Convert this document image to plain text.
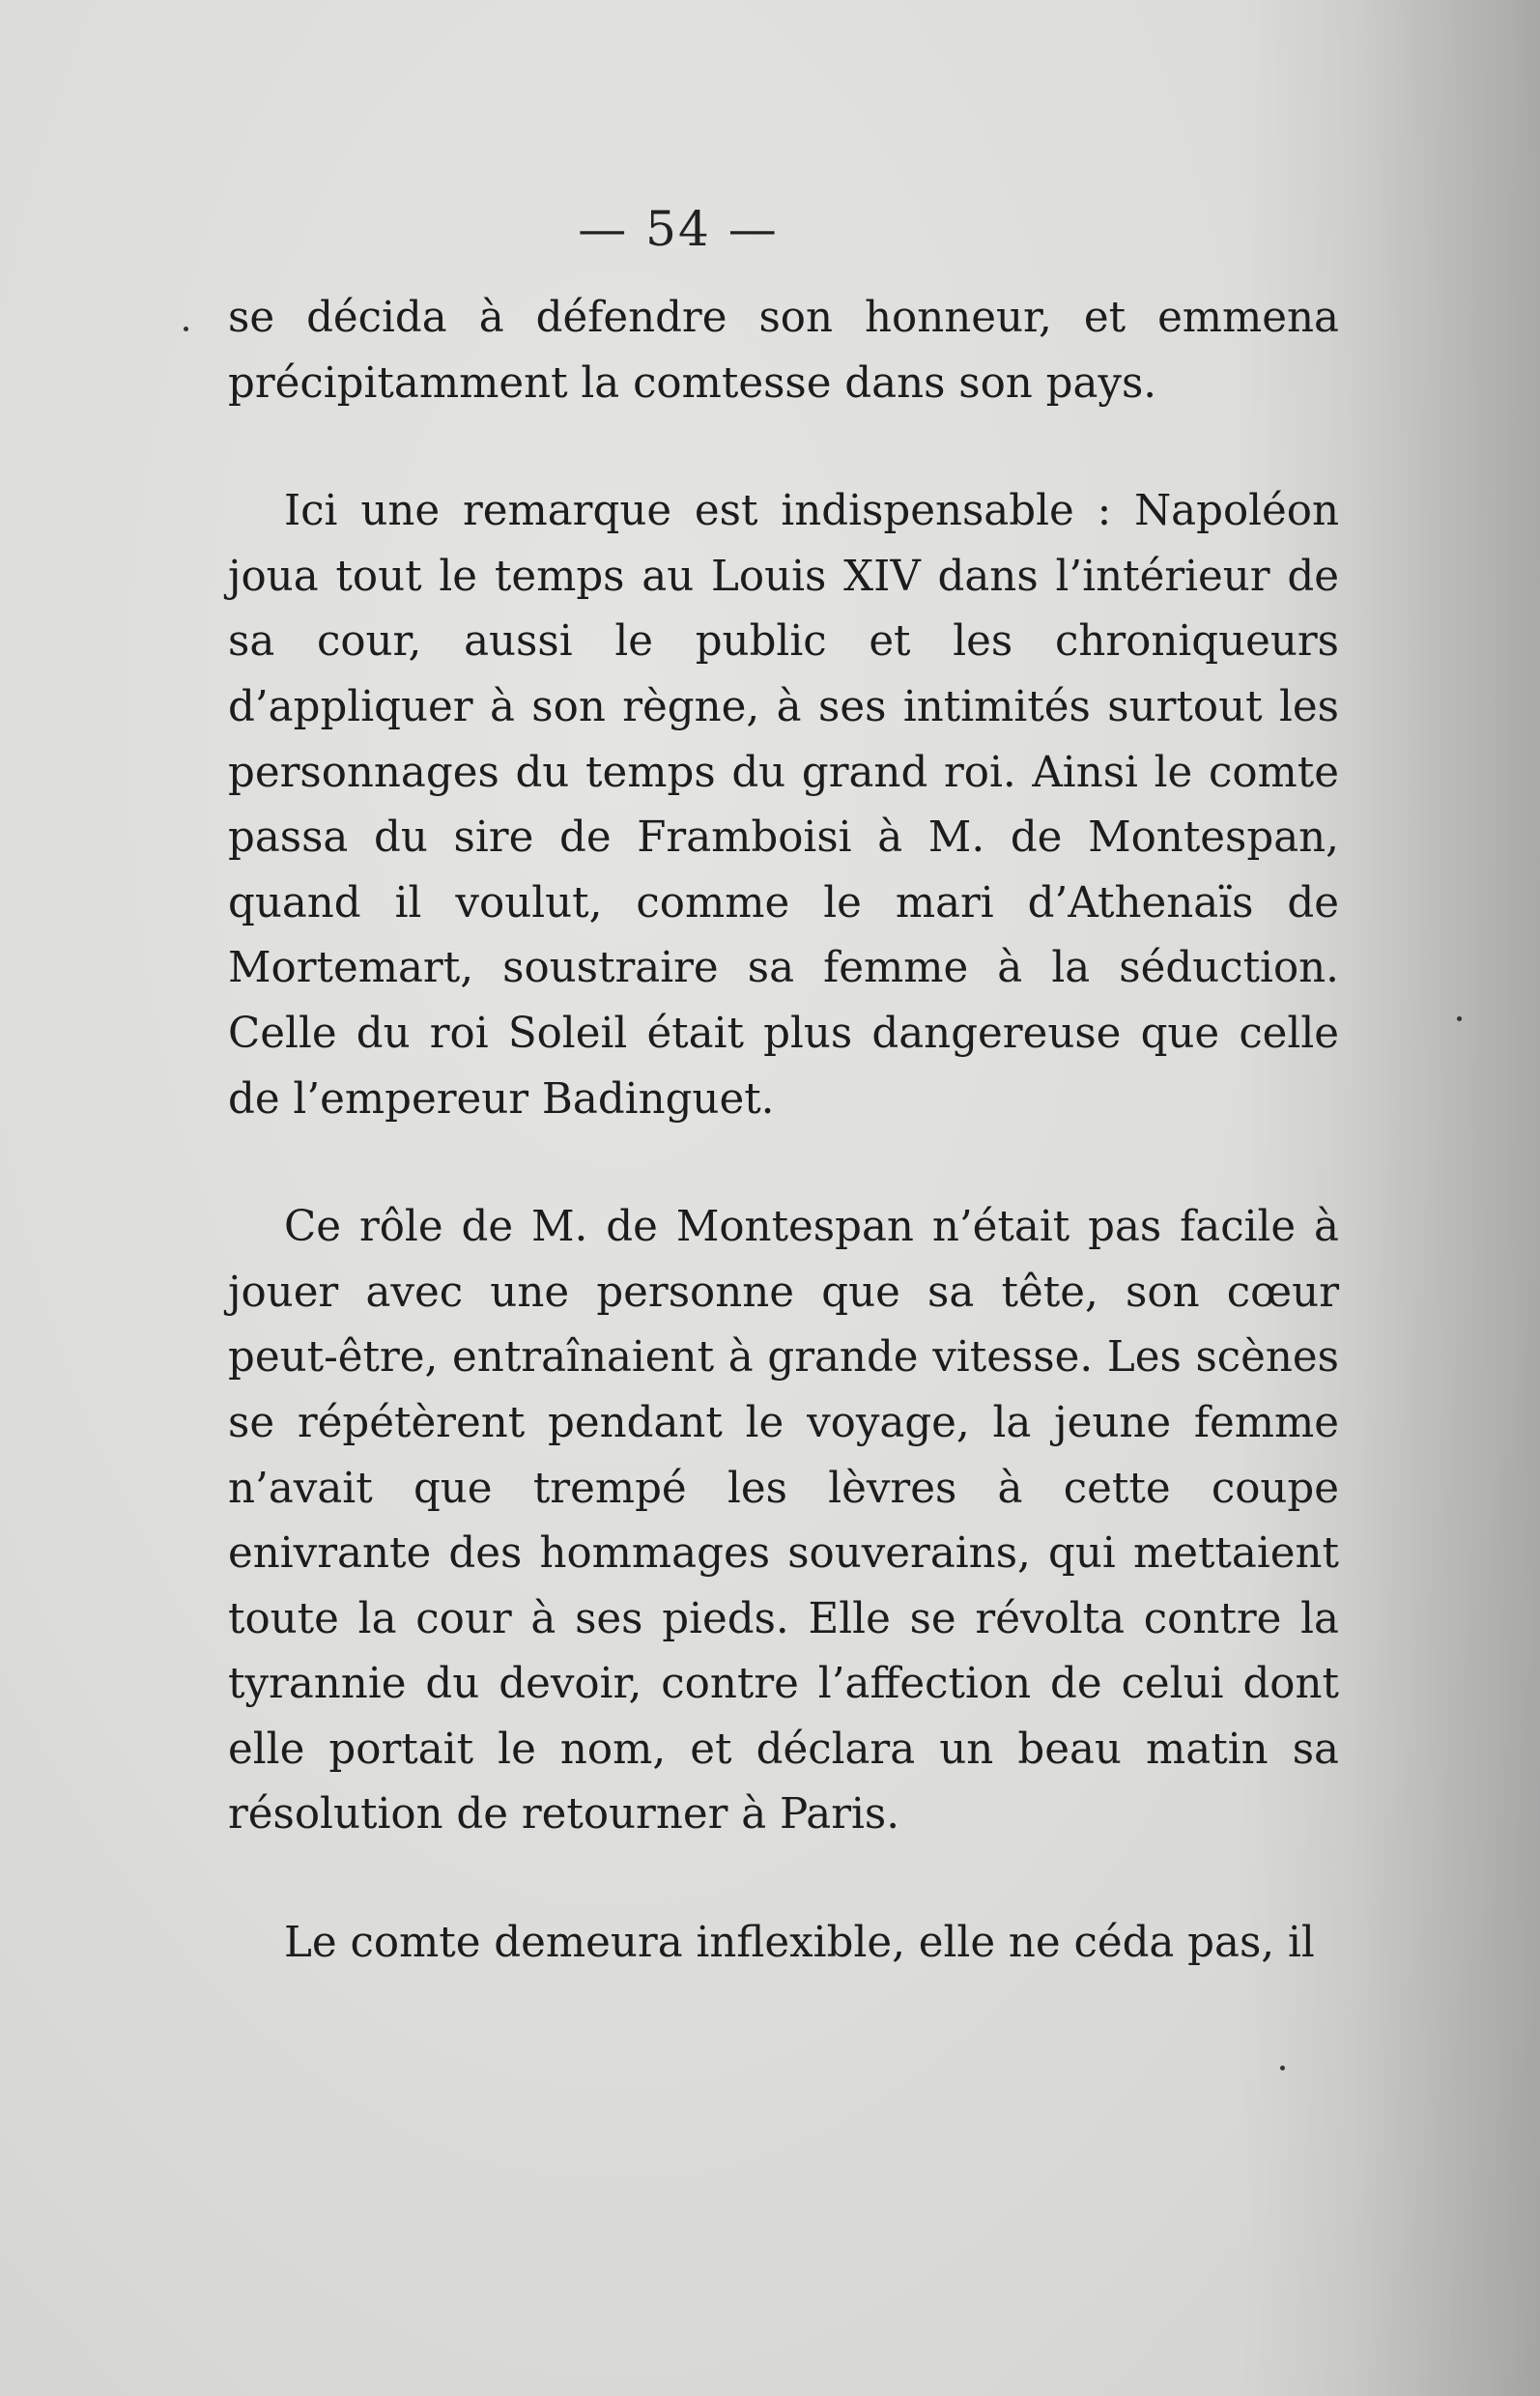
— 54 —

se décida à défendre son honneur, et emmena précipitamment la comtesse dans son pays.

Ici une remarque est indispensable : Napoléon joua tout le temps au Louis XIV dans l’intérieur de sa cour, aussi le public et les chroniqueurs d’appliquer à son règne, à ses intimités surtout les personnages du temps du grand roi. Ainsi le comte passa du sire de Framboisi à M. de Montespan, quand il voulut, comme le mari d’Athenaïs de Mortemart, soustraire sa femme à la séduction. Celle du roi Soleil était plus dangereuse que celle de l’empereur Badinguet.

Ce rôle de M. de Montespan n’était pas facile à jouer avec une personne que sa tête, son cœur peut-être, entraînaient à grande vitesse. Les scènes se répétèrent pendant le voyage, la jeune femme n’avait que trempé les lèvres à cette coupe enivrante des hommages souverains, qui mettaient toute la cour à ses pieds. Elle se révolta contre la tyrannie du devoir, contre l’affection de celui dont elle portait le nom, et déclara un beau matin sa résolution de retourner à Paris.

Le comte demeura inflexible, elle ne céda pas, il
